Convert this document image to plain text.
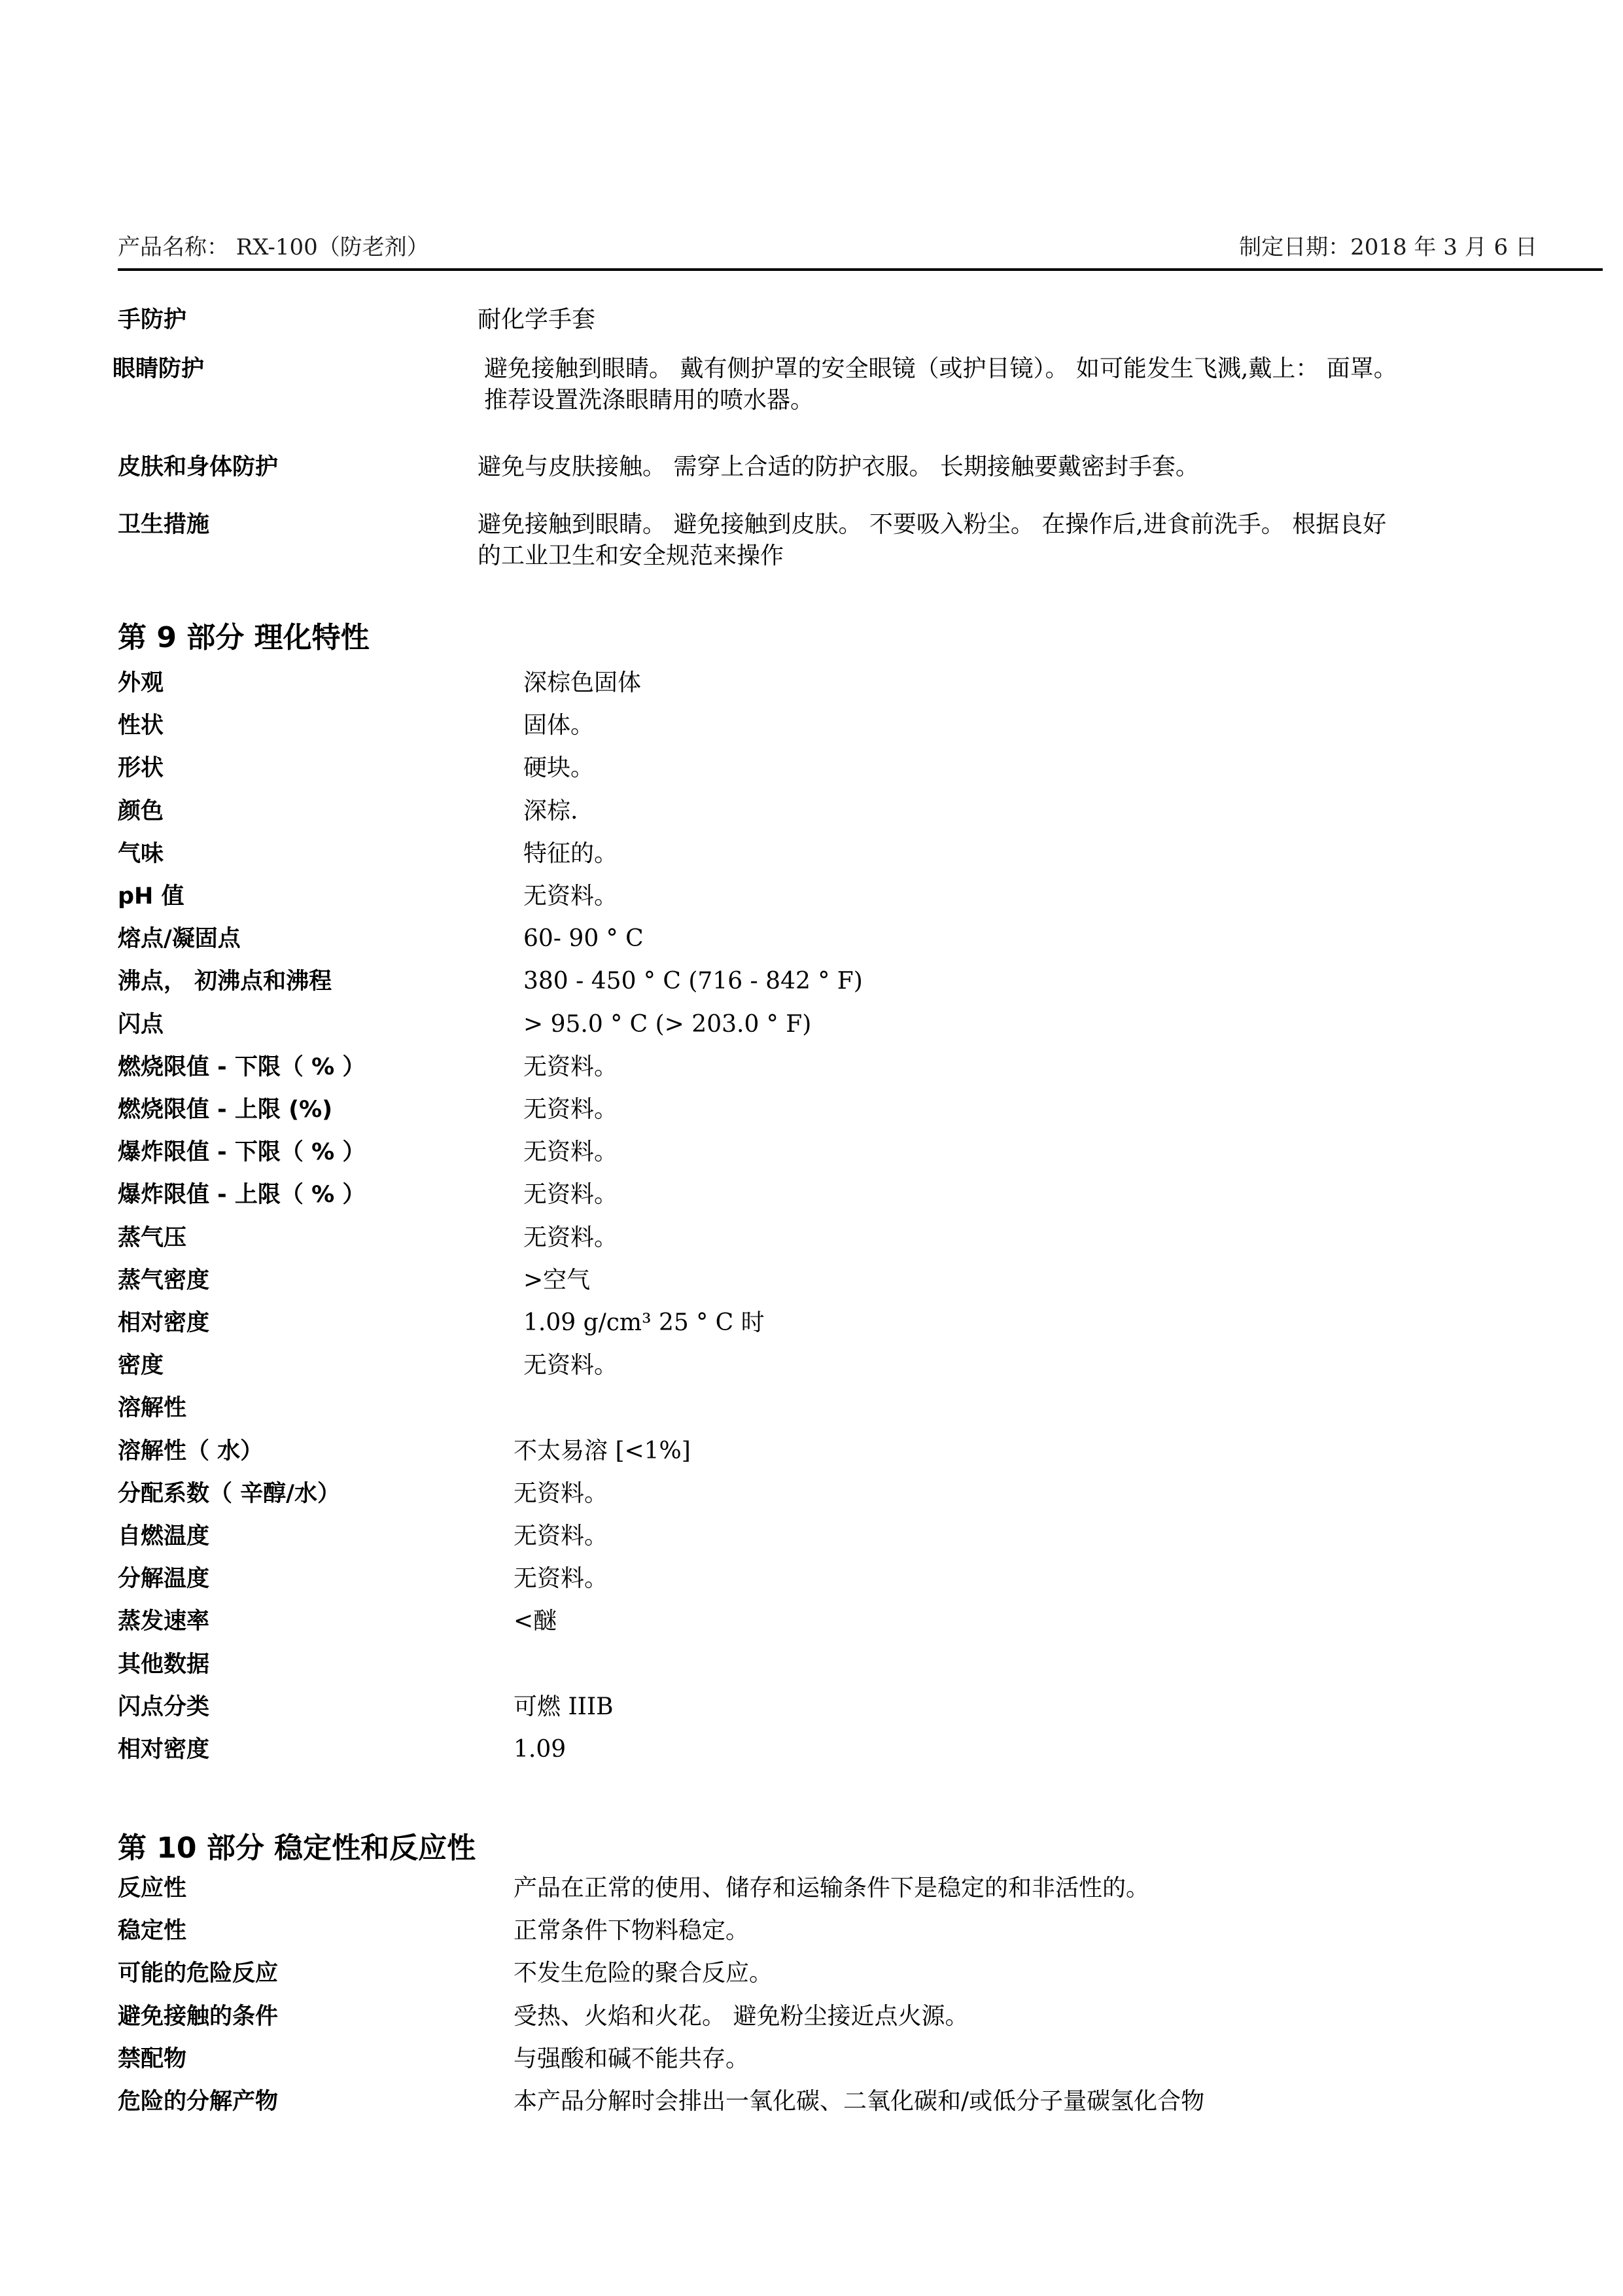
产品名称： RX-100（防老剂）	制定日期：2018 年 3 月 6 日
手防护	耐化学手套
眼睛防护	避免接触到眼睛。 戴有侧护罩的安全眼镜（或护目镜）。 如可能发生飞溅,戴上： 面罩。 推荐设置洗涤眼睛用的喷水器。
皮肤和身体防护	避免与皮肤接触。 需穿上合适的防护衣服。 长期接触要戴密封手套。
卫生措施	避免接触到眼睛。 避免接触到皮肤。 不要吸入粉尘。 在操作后,进食前洗手。 根据良好的工业卫生和安全规范来操作
第 9 部分 理化特性
外观	深棕色固体
性状	固体。
形状	硬块。
颜色	深棕.
气味	特征的。
pH 值	无资料。
熔点/凝固点	60- 90 ° C
沸点， 初沸点和沸程	380 - 450 ° C (716 - 842 ° F)
闪点	> 95.0 ° C (> 203.0 ° F)
燃烧限值 - 下限（ % ）	无资料。
燃烧限值 - 上限 (%)	无资料。
爆炸限值 - 下限（ % ）	无资料。
爆炸限值 - 上限（ % ）	无资料。
蒸气压	无资料。
蒸气密度	>空气
相对密度	1.09 g/cm³ 25 ° C 时
密度	无资料。
溶解性
溶解性（ 水）	不太易溶 [<1%]
分配系数（ 辛醇/水）	无资料。
自燃温度	无资料。
分解温度	无资料。
蒸发速率	<醚
其他数据
闪点分类	可燃 IIIB
相对密度	1.09
第 10 部分 稳定性和反应性
反应性	产品在正常的使用、储存和运输条件下是稳定的和非活性的。
稳定性	正常条件下物料稳定。
可能的危险反应	不发生危险的聚合反应。
避免接触的条件	受热、火焰和火花。 避免粉尘接近点火源。
禁配物	与强酸和碱不能共存。
危险的分解产物	本产品分解时会排出一氧化碳、二氧化碳和/或低分子量碳氢化合物
